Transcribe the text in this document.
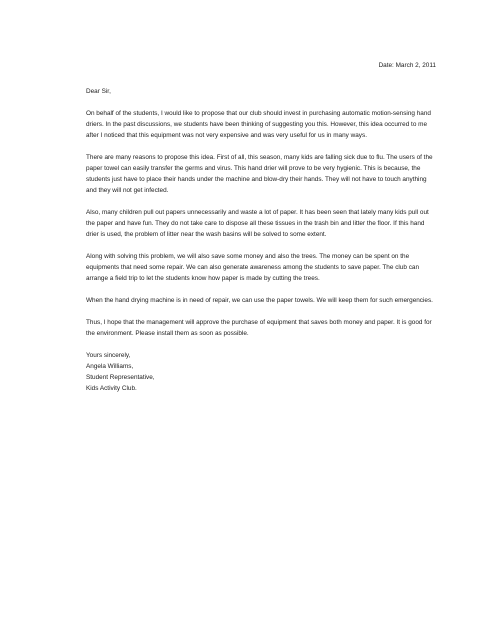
Date: March 2, 2011
Dear Sir,

On behalf of the students, I would like to propose that our club should invest in purchasing automatic motion-sensing hand driers. In the past discussions, we students have been thinking of suggesting you this. However, this idea occurred to me after I noticed that this equipment was not very expensive and was very useful for us in many ways.

There are many reasons to propose this idea. First of all, this season, many kids are falling sick due to flu. The users of the paper towel can easily transfer the germs and virus. This hand drier will prove to be very hygienic. This is because, the students just have to place their hands under the machine and blow-dry their hands. They will not have to touch anything and they will not get infected.

Also, many children pull out papers unnecessarily and waste a lot of paper. It has been seen that lately many kids pull out the paper and have fun. They do not take care to dispose all these tissues in the trash bin and litter the floor. If this hand drier is used, the problem of litter near the wash basins will be solved to some extent.

Along with solving this problem, we will also save some money and also the trees. The money can be spent on the equipments that need some repair. We can also generate awareness among the students to save paper. The club can arrange a field trip to let the students know how paper is made by cutting the trees.

When the hand drying machine is in need of repair, we can use the paper towels. We will keep them for such emergencies.

Thus, I hope that the management will approve the purchase of equipment that saves both money and paper. It is good for the environment. Please install them as soon as possible.

Yours sincerely,
Angela Williams,
Student Representative,
Kids Activity Club.
